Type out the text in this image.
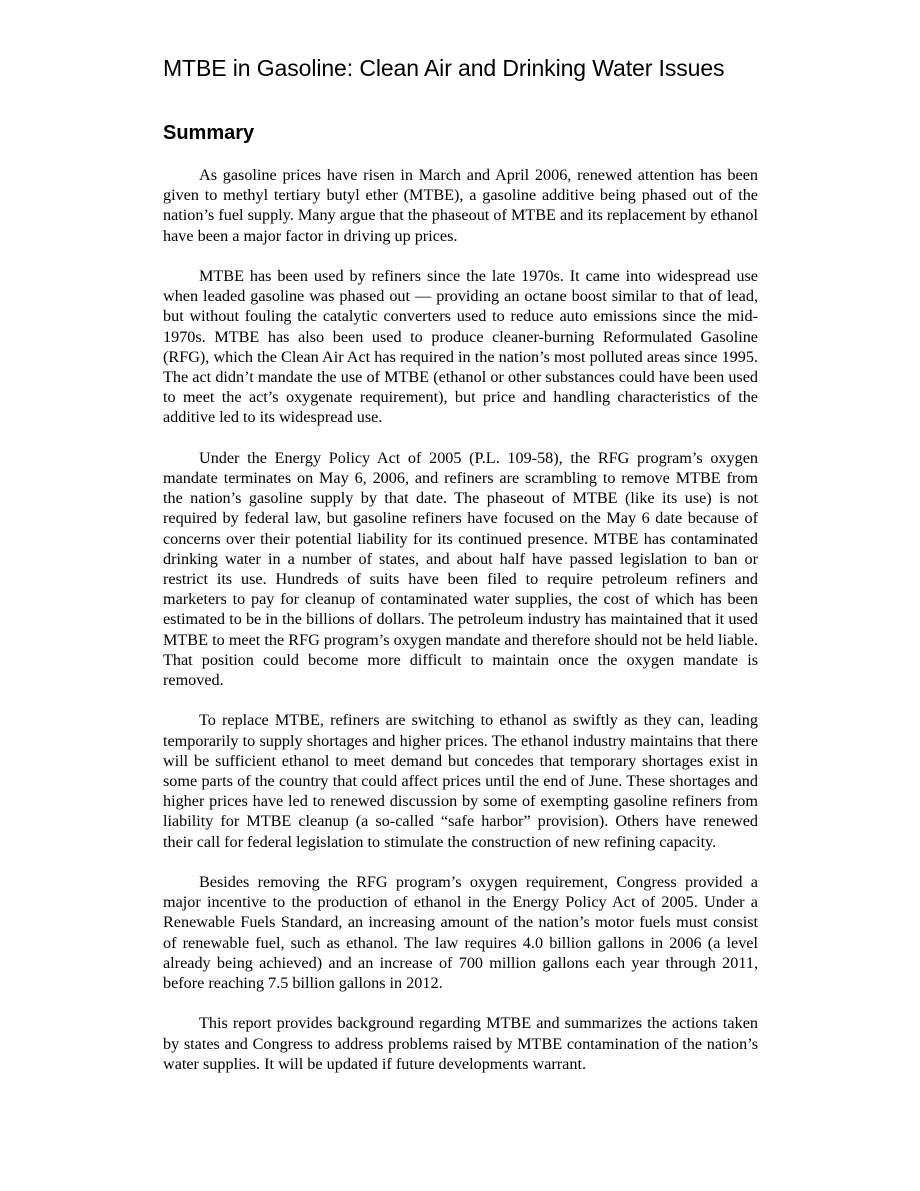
MTBE in Gasoline: Clean Air and Drinking Water Issues
Summary

As gasoline prices have risen in March and April 2006, renewed attention has been given to methyl tertiary butyl ether (MTBE), a gasoline additive being phased out of the nation’s fuel supply. Many argue that the phaseout of MTBE and its replacement by ethanol have been a major factor in driving up prices.

MTBE has been used by refiners since the late 1970s. It came into widespread use when leaded gasoline was phased out — providing an octane boost similar to that of lead, but without fouling the catalytic converters used to reduce auto emissions since the mid-1970s. MTBE has also been used to produce cleaner-burning Reformulated Gasoline (RFG), which the Clean Air Act has required in the nation’s most polluted areas since 1995. The act didn’t mandate the use of MTBE (ethanol or other substances could have been used to meet the act’s oxygenate requirement), but price and handling characteristics of the additive led to its widespread use.

Under the Energy Policy Act of 2005 (P.L. 109-58), the RFG program’s oxygen mandate terminates on May 6, 2006, and refiners are scrambling to remove MTBE from the nation’s gasoline supply by that date. The phaseout of MTBE (like its use) is not required by federal law, but gasoline refiners have focused on the May 6 date because of concerns over their potential liability for its continued presence. MTBE has contaminated drinking water in a number of states, and about half have passed legislation to ban or restrict its use. Hundreds of suits have been filed to require petroleum refiners and marketers to pay for cleanup of contaminated water supplies, the cost of which has been estimated to be in the billions of dollars. The petroleum industry has maintained that it used MTBE to meet the RFG program’s oxygen mandate and therefore should not be held liable. That position could become more difficult to maintain once the oxygen mandate is removed.

To replace MTBE, refiners are switching to ethanol as swiftly as they can, leading temporarily to supply shortages and higher prices. The ethanol industry maintains that there will be sufficient ethanol to meet demand but concedes that temporary shortages exist in some parts of the country that could affect prices until the end of June. These shortages and higher prices have led to renewed discussion by some of exempting gasoline refiners from liability for MTBE cleanup (a so-called “safe harbor” provision). Others have renewed their call for federal legislation to stimulate the construction of new refining capacity.

Besides removing the RFG program’s oxygen requirement, Congress provided a major incentive to the production of ethanol in the Energy Policy Act of 2005. Under a Renewable Fuels Standard, an increasing amount of the nation’s motor fuels must consist of renewable fuel, such as ethanol. The law requires 4.0 billion gallons in 2006 (a level already being achieved) and an increase of 700 million gallons each year through 2011, before reaching 7.5 billion gallons in 2012.

This report provides background regarding MTBE and summarizes the actions taken by states and Congress to address problems raised by MTBE contamination of the nation’s water supplies. It will be updated if future developments warrant.
